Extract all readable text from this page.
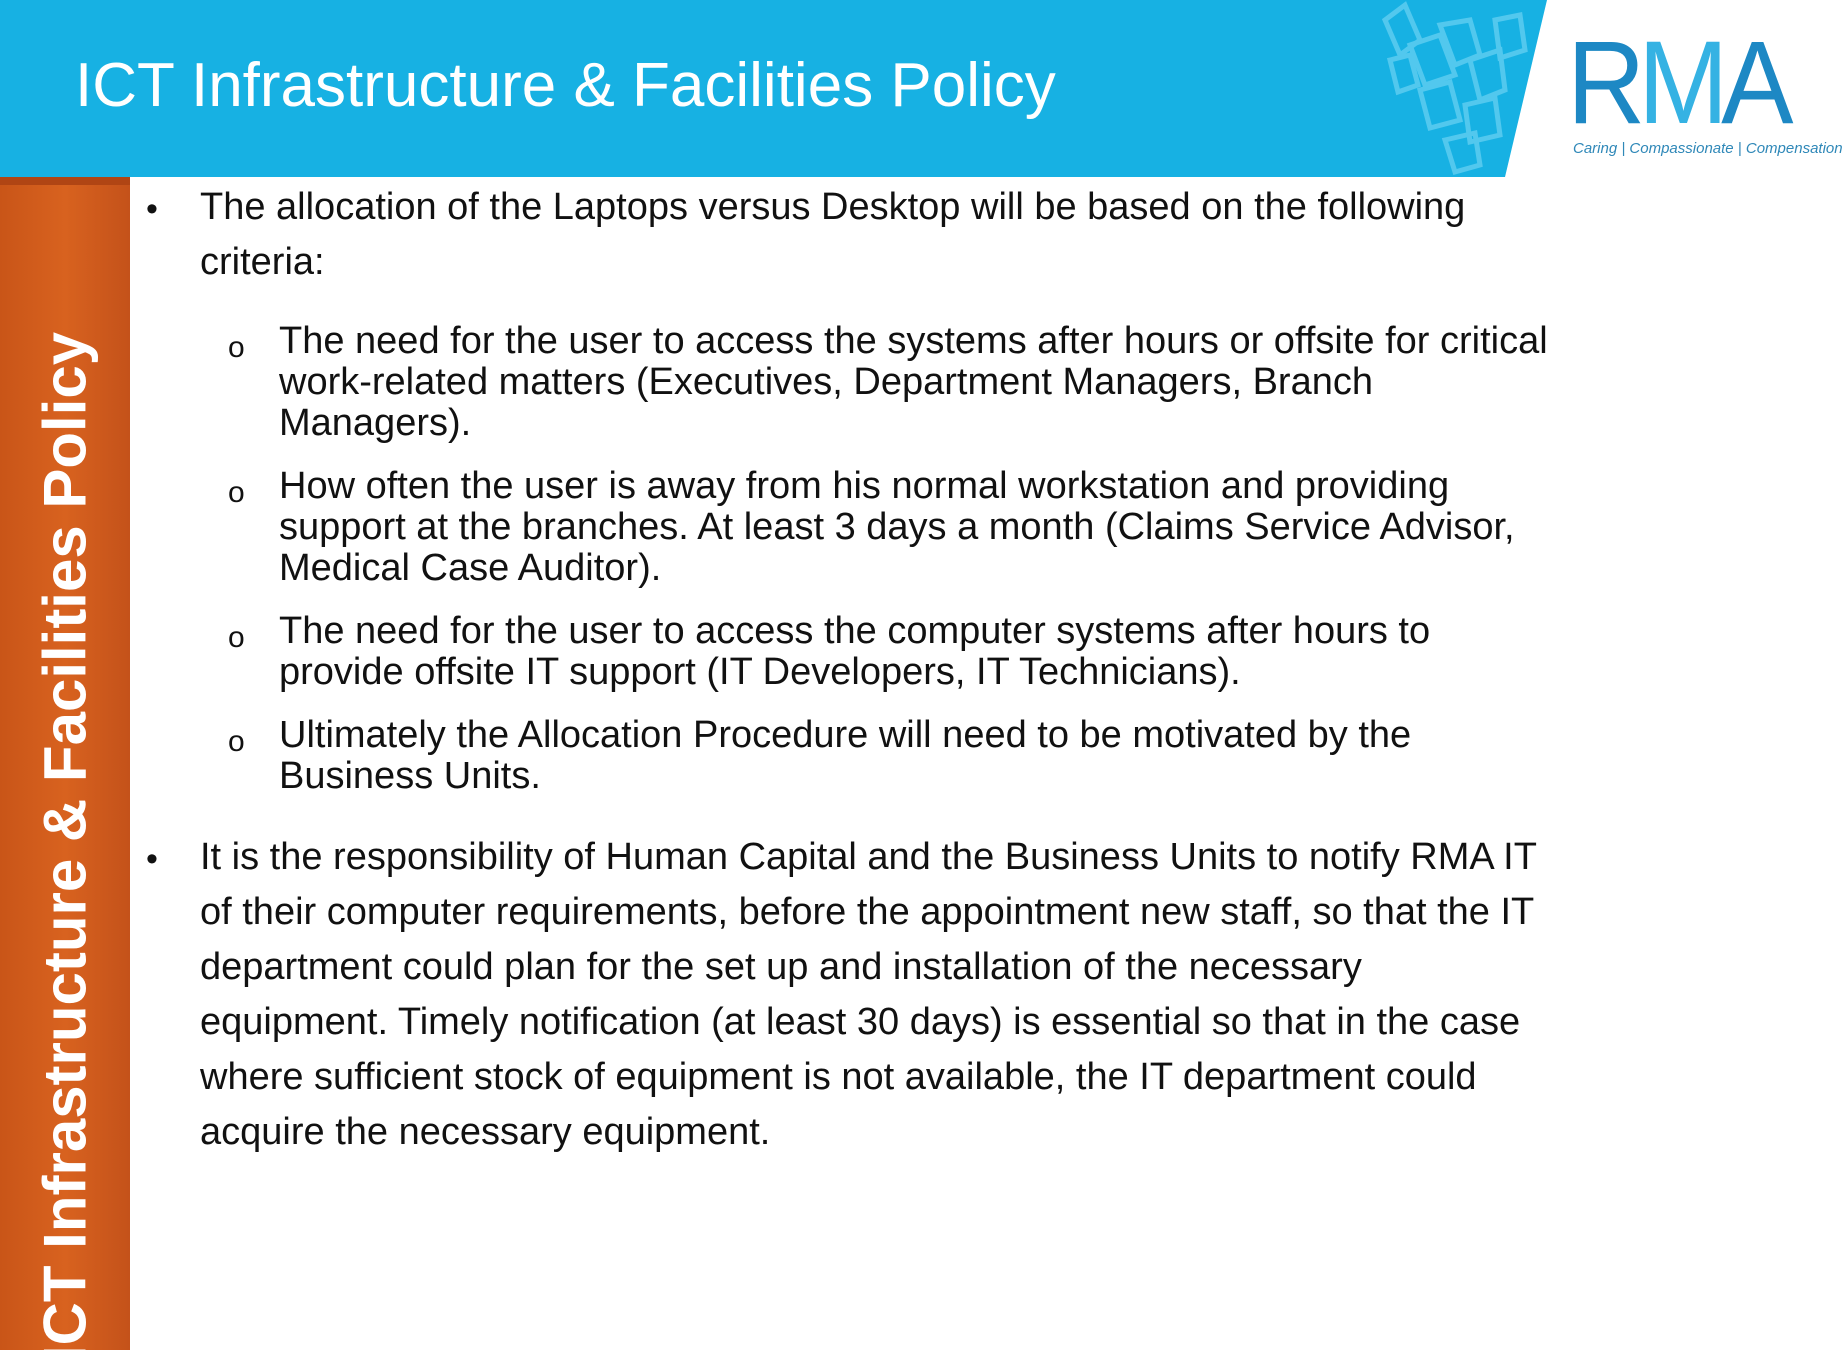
ICT Infrastructure & Facilities Policy	RMA
Caring | Compassionate | Compensation
ICT Infrastructure & Facilities Policy
• The allocation of the Laptops versus Desktop will be based on the following
criteria:
o The need for the user to access the systems after hours or offsite for critical
work-related matters (Executives, Department Managers, Branch
Managers).
o How often the user is away from his normal workstation and providing
support at the branches. At least 3 days a month (Claims Service Advisor,
Medical Case Auditor).
o The need for the user to access the computer systems after hours to
provide offsite IT support (IT Developers, IT Technicians).
o Ultimately the Allocation Procedure will need to be motivated by the
Business Units.
• It is the responsibility of Human Capital and the Business Units to notify RMA IT
of their computer requirements, before the appointment new staff, so that the IT
department could plan for the set up and installation of the necessary
equipment. Timely notification (at least 30 days) is essential so that in the case
where sufficient stock of equipment is not available, the IT department could
acquire the necessary equipment.
